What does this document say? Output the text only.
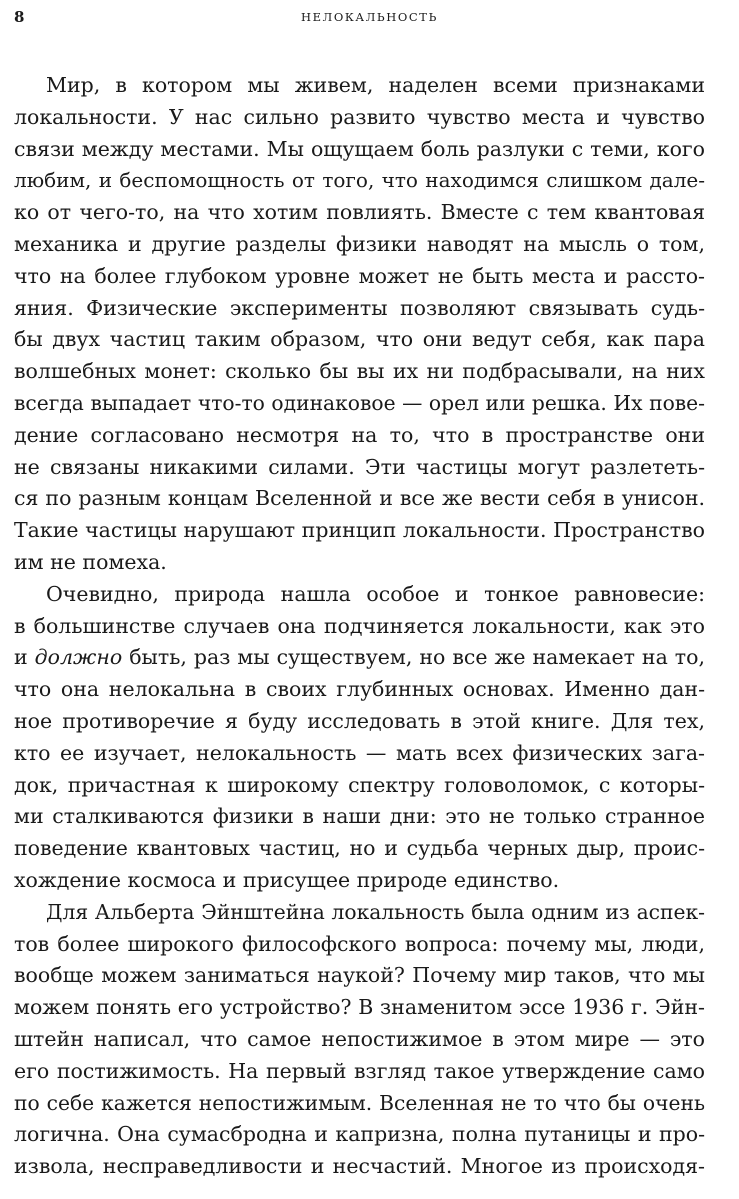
8	НЕЛОКАЛЬНОСТЬ
Мир, в котором мы живем, наделен всеми признаками
локальности. У нас сильно развито чувство места и чувство
связи между местами. Мы ощущаем боль разлуки с теми, кого
любим, и беспомощность от того, что находимся слишком дале-
ко от чего-то, на что хотим повлиять. Вместе с тем квантовая
механика и другие разделы физики наводят на мысль о том,
что на более глубоком уровне может не быть места и рассто-
яния. Физические эксперименты позволяют связывать судь-
бы двух частиц таким образом, что они ведут себя, как пара
волшебных монет: сколько бы вы их ни подбрасывали, на них
всегда выпадает что-то одинаковое — орел или решка. Их пове-
дение согласовано несмотря на то, что в пространстве они
не связаны никакими силами. Эти частицы могут разлететь-
ся по разным концам Вселенной и все же вести себя в унисон.
Такие частицы нарушают принцип локальности. Пространство
им не помеха.
Очевидно, природа нашла особое и тонкое равновесие:
в большинстве случаев она подчиняется локальности, как это
и должно быть, раз мы существуем, но все же намекает на то,
что она нелокальна в своих глубинных основах. Именно дан-
ное противоречие я буду исследовать в этой книге. Для тех,
кто ее изучает, нелокальность — мать всех физических зага-
док, причастная к широкому спектру головоломок, с которы-
ми сталкиваются физики в наши дни: это не только странное
поведение квантовых частиц, но и судьба черных дыр, проис-
хождение космоса и присущее природе единство.
Для Альберта Эйнштейна локальность была одним из аспек-
тов более широкого философского вопроса: почему мы, люди,
вообще можем заниматься наукой? Почему мир таков, что мы
можем понять его устройство? В знаменитом эссе 1936 г. Эйн-
штейн написал, что самое непостижимое в этом мире — это
его постижимость. На первый взгляд такое утверждение само
по себе кажется непостижимым. Вселенная не то что бы очень
логична. Она сумасбродна и капризна, полна путаницы и про-
извола, несправедливости и несчастий. Многое из происходя-
